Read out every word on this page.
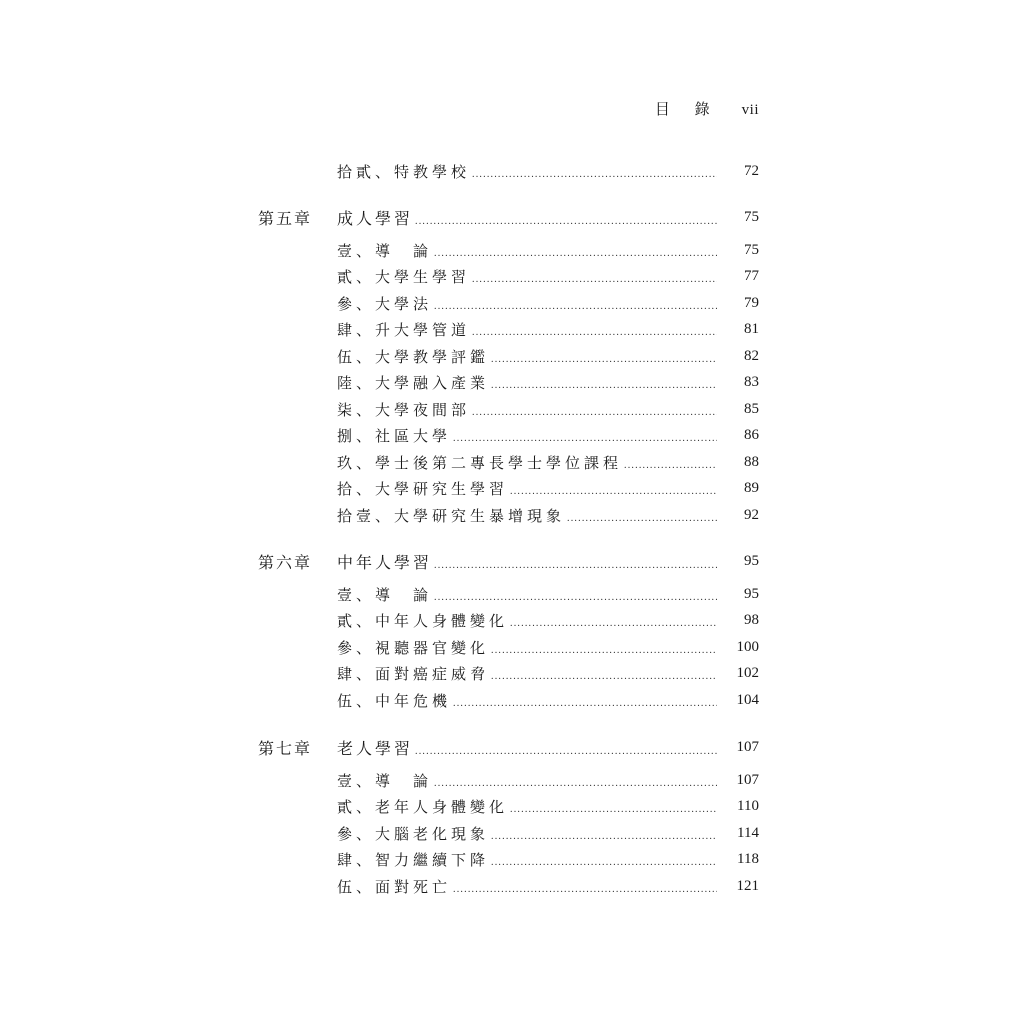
目 錄 vii
拾貳、特教學校 .....	72
第五章 成人學習 .....	75
壹、導　論 .....	75
貳、大學生學習 .....	77
參、大學法 .....	79
肆、升大學管道 .....	81
伍、大學教學評鑑 .....	82
陸、大學融入產業 .....	83
柒、大學夜間部 .....	85
捌、社區大學 .....	86
玖、學士後第二專長學士學位課程 .....	88
拾、大學研究生學習 .....	89
拾壹、大學研究生暴增現象 .....	92
第六章 中年人學習 .....	95
壹、導　論 .....	95
貳、中年人身體變化 .....	98
參、視聽器官變化 .....	100
肆、面對癌症威脅 .....	102
伍、中年危機 .....	104
第七章 老人學習 .....	107
壹、導　論 .....	107
貳、老年人身體變化 .....	110
參、大腦老化現象 .....	114
肆、智力繼續下降 .....	118
伍、面對死亡 .....	121
